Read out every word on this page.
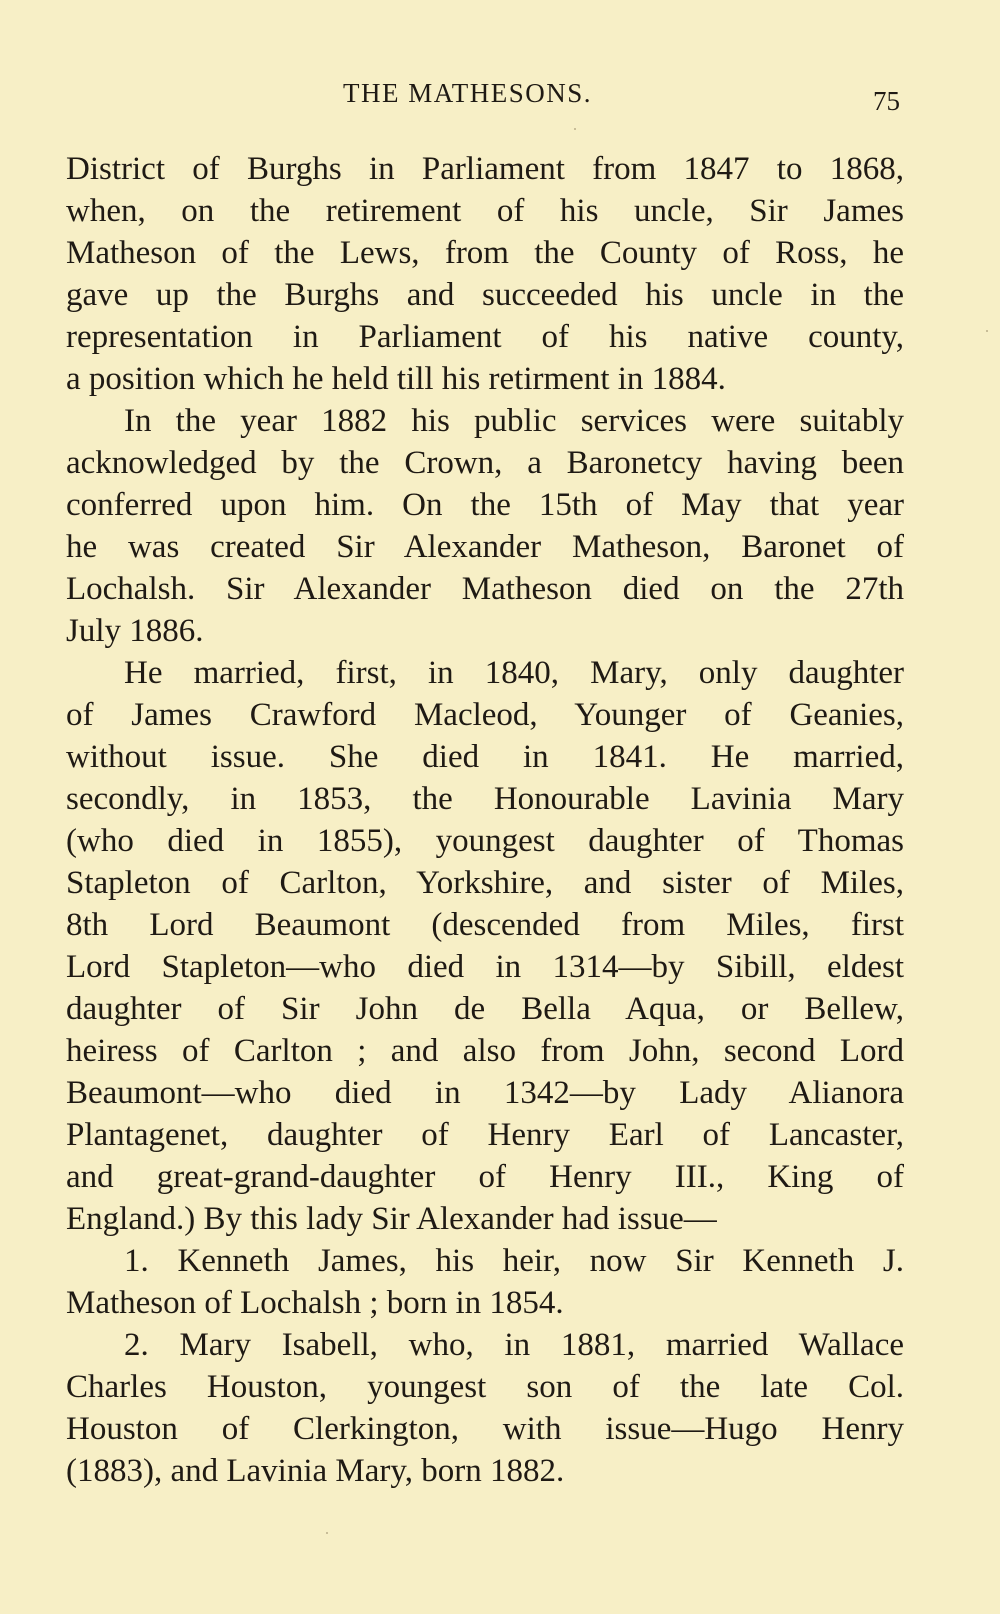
THE MATHESONS.	75
District of Burghs in Parliament from 1847 to 1868,
when, on the retirement of his uncle, Sir James
Matheson of the Lews, from the County of Ross, he
gave up the Burghs and succeeded his uncle in the
representation in Parliament of his native county,
a position which he held till his retirment in 1884.
In the year 1882 his public services were suitably
acknowledged by the Crown, a Baronetcy having been
conferred upon him. On the 15th of May that year
he was created Sir Alexander Matheson, Baronet of
Lochalsh. Sir Alexander Matheson died on the 27th
July 1886.
He married, first, in 1840, Mary, only daughter
of James Crawford Macleod, Younger of Geanies,
without issue. She died in 1841. He married,
secondly, in 1853, the Honourable Lavinia Mary
(who died in 1855), youngest daughter of Thomas
Stapleton of Carlton, Yorkshire, and sister of Miles,
8th Lord Beaumont (descended from Miles, first
Lord Stapleton—who died in 1314—by Sibill, eldest
daughter of Sir John de Bella Aqua, or Bellew,
heiress of Carlton ; and also from John, second Lord
Beaumont—who died in 1342—by Lady Alianora
Plantagenet, daughter of Henry Earl of Lancaster,
and great-grand-daughter of Henry III., King of
England.) By this lady Sir Alexander had issue—
1. Kenneth James, his heir, now Sir Kenneth J.
Matheson of Lochalsh ; born in 1854.
2. Mary Isabell, who, in 1881, married Wallace
Charles Houston, youngest son of the late Col.
Houston of Clerkington, with issue—Hugo Henry
(1883), and Lavinia Mary, born 1882.
